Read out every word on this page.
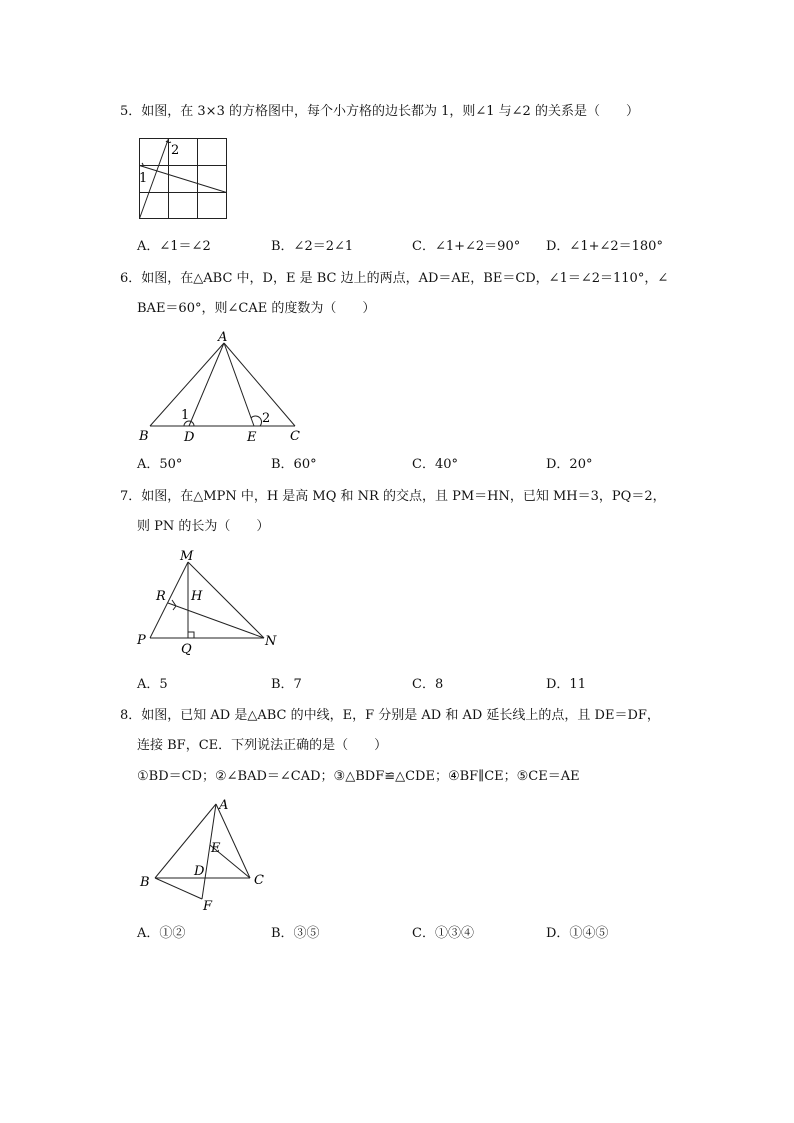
5．如图，在 3×3 的方格图中，每个小方格的边长都为 1，则∠1 与∠2 的关系是（　　）
1
2
A．∠1＝∠2	B．∠2＝2∠1	C．∠1+∠2＝90° D．∠1+∠2＝180°
6．如图，在△ABC 中，D，E 是 BC 边上的两点，AD＝AE，BE＝CD，∠1＝∠2＝110°，∠
BAE＝60°，则∠CAE 的度数为（　　）
A
B	D	E	C
1	2
A．50°	B．60°	C．40°	D．20°
7．如图，在△MPN 中，H 是高 MQ 和 NR 的交点，且 PM＝HN，已知 MH＝3，PQ＝2，
则 PN 的长为（　　）
M
R H
P
Q
N
A．5	B．7	C．8	D．11
8．如图，已知 AD 是△ABC 的中线，E，F 分别是 AD 和 AD 延长线上的点，且 DE＝DF，
连接 BF，CE．下列说法正确的是（　　）
①BD＝CD；②∠BAD＝∠CAD；③△BDF≌△CDE；④BF∥CE；⑤CE＝AE
A
E
D
B	C
F
A．①②	B．③⑤	C．①③④	D．①④⑤
